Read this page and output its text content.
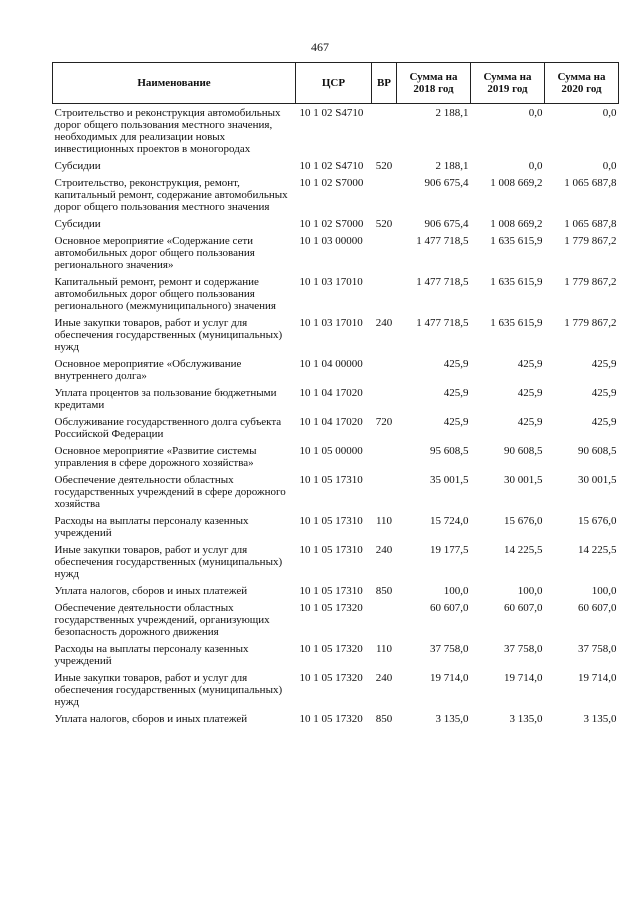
467
Наименование	ЦСР	ВР	Сумма на 2018 год	Сумма на 2019 год	Сумма на 2020 год
Строительство и реконструкция автомобильных дорог общего пользования местного значения, необходимых для реализации новых инвестиционных проектов в моногородах	10 1 02 S4710		2 188,1	0,0	0,0
Субсидии	10 1 02 S4710	520	2 188,1	0,0	0,0
Строительство, реконструкция, ремонт, капитальный ремонт, содержание автомобильных дорог общего пользования местного значения	10 1 02 S7000		906 675,4	1 008 669,2	1 065 687,8
Субсидии	10 1 02 S7000	520	906 675,4	1 008 669,2	1 065 687,8
Основное мероприятие «Содержание сети автомобильных дорог общего пользования регионального значения»	10 1 03 00000		1 477 718,5	1 635 615,9	1 779 867,2
Капитальный ремонт, ремонт и содержание автомобильных дорог общего пользования регионального (межмуниципального) значения	10 1 03 17010		1 477 718,5	1 635 615,9	1 779 867,2
Иные закупки товаров, работ и услуг для обеспечения государственных (муниципальных) нужд	10 1 03 17010	240	1 477 718,5	1 635 615,9	1 779 867,2
Основное мероприятие «Обслуживание внутреннего долга»	10 1 04 00000		425,9	425,9	425,9
Уплата процентов за пользование бюджетными кредитами	10 1 04 17020		425,9	425,9	425,9
Обслуживание государственного долга субъекта Российской Федерации	10 1 04 17020	720	425,9	425,9	425,9
Основное мероприятие «Развитие системы управления в сфере дорожного хозяйства»	10 1 05 00000		95 608,5	90 608,5	90 608,5
Обеспечение деятельности областных государственных учреждений в сфере дорожного хозяйства	10 1 05 17310		35 001,5	30 001,5	30 001,5
Расходы на выплаты персоналу казенных учреждений	10 1 05 17310	110	15 724,0	15 676,0	15 676,0
Иные закупки товаров, работ и услуг для обеспечения государственных (муниципальных) нужд	10 1 05 17310	240	19 177,5	14 225,5	14 225,5
Уплата налогов, сборов и иных платежей	10 1 05 17310	850	100,0	100,0	100,0
Обеспечение деятельности областных государственных учреждений, организующих безопасность дорожного движения	10 1 05 17320		60 607,0	60 607,0	60 607,0
Расходы на выплаты персоналу казенных учреждений	10 1 05 17320	110	37 758,0	37 758,0	37 758,0
Иные закупки товаров, работ и услуг для обеспечения государственных (муниципальных) нужд	10 1 05 17320	240	19 714,0	19 714,0	19 714,0
Уплата налогов, сборов и иных платежей	10 1 05 17320	850	3 135,0	3 135,0	3 135,0
